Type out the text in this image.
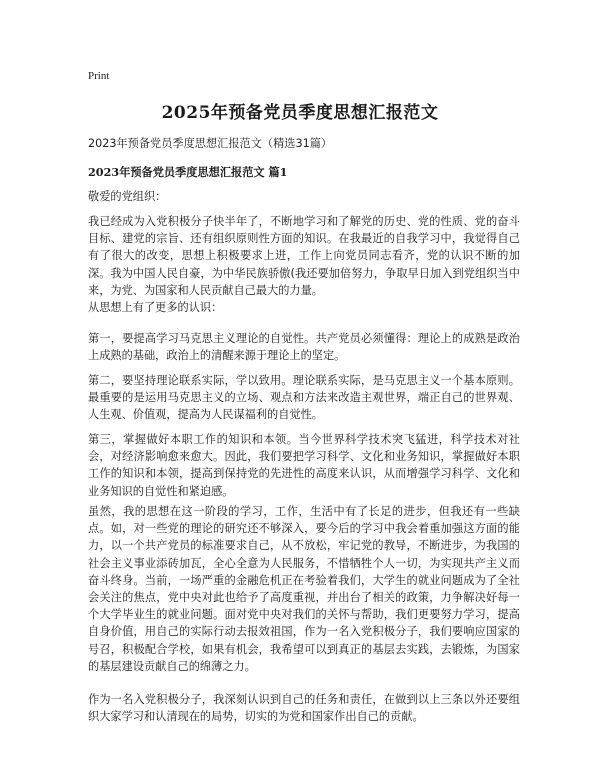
Print
2025年预备党员季度思想汇报范文
2023年预备党员季度思想汇报范文（精选31篇）
2023年预备党员季度思想汇报范文 篇1
敬爱的党组织：
我已经成为入党积极分子快半年了，不断地学习和了解党的历史、党的性质、党的奋斗目标、建党的宗旨、还有组织原则性方面的知识。在我最近的自我学习中，我觉得自己有了很大的改变，思想上积极要求上进，工作上向党员同志看齐，党的认识不断的加深。我为中国人民自豪，为中华民族骄傲(我还要加倍努力，争取早日加入到党组织当中来，为党、为国家和人民贡献自己最大的力量。
从思想上有了更多的认识：
第一，要提高学习马克思主义理论的自觉性。共产党员必须懂得：理论上的成熟是政治上成熟的基础，政治上的清醒来源于理论上的坚定。
第二，要坚持理论联系实际，学以致用。理论联系实际，是马克思主义一个基本原则。最重要的是运用马克思主义的立场、观点和方法来改造主观世界，端正自己的世界观、人生观、价值观，提高为人民谋福利的自觉性。
第三，掌握做好本职工作的知识和本领。当今世界科学技术突飞猛进，科学技术对社会，对经济影响愈来愈大。因此，我们要把学习科学、文化和业务知识，掌握做好本职工作的知识和本领，提高到保持党的先进性的高度来认识，从而增强学习科学、文化和业务知识的自觉性和紧迫感。
虽然，我的思想在这一阶段的学习，工作，生活中有了长足的进步，但我还有一些缺点。如，对一些党的理论的研究还不够深入，要今后的学习中我会着重加强这方面的能力，以一个共产党员的标准要求自己，从不放松，牢记党的教导，不断进步，为我国的社会主义事业添砖加瓦，全心全意为人民服务，不惜牺牲个人一切，为实现共产主义而奋斗终身。当前，一场严重的金融危机正在考验着我们，大学生的就业问题成为了全社会关注的焦点，党中央对此也给予了高度重视，并出台了相关的政策，力争解决好每一个大学毕业生的就业问题。面对党中央对我们的关怀与帮助，我们更要努力学习，提高自身价值，用自己的实际行动去报效祖国，作为一名入党积极分子，我们要响应国家的号召，积极配合学校，如果有机会，我希望可以到真正的基层去实践，去锻炼，为国家的基层建设贡献自己的绵薄之力。
作为一名入党积极分子，我深刻认识到自己的任务和责任，在做到以上三条以外还要组织大家学习和认清现在的局势，切实的为党和国家作出自己的贡献。
